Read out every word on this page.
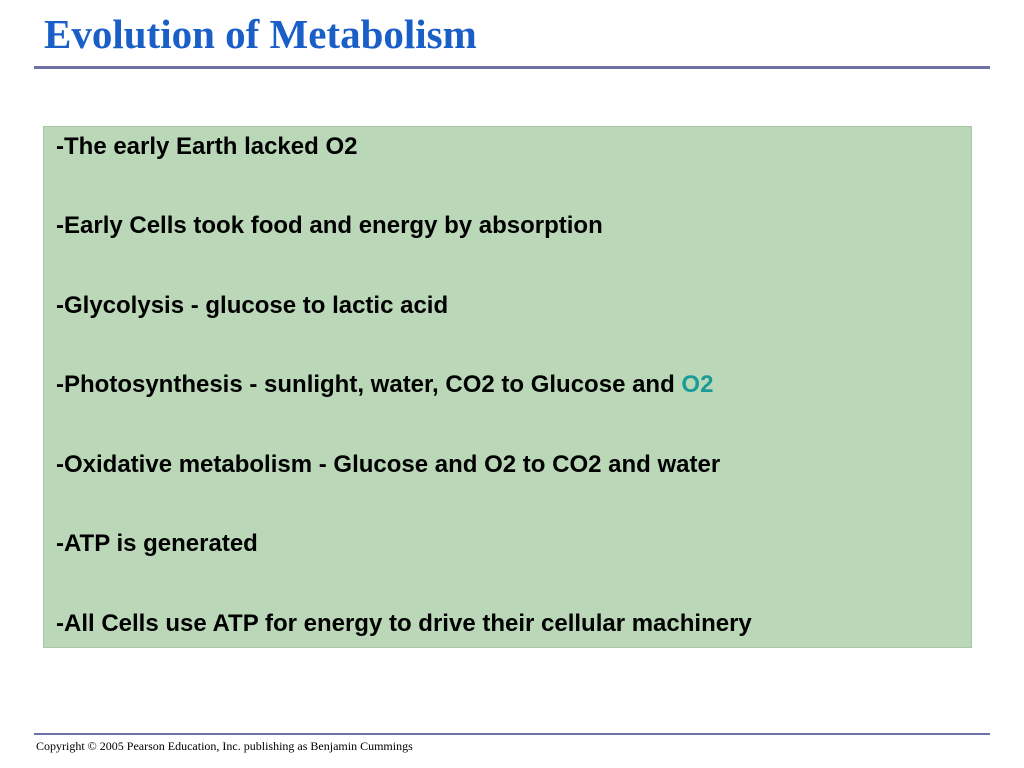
Evolution of Metabolism
-The early Earth lacked O2
-Early Cells took food and energy by absorption
-Glycolysis - glucose to lactic acid
-Photosynthesis - sunlight, water, CO2 to Glucose and O2
-Oxidative metabolism - Glucose and O2 to CO2 and water
-ATP is generated
-All Cells use ATP for energy to drive their cellular machinery
Copyright © 2005 Pearson Education, Inc. publishing as Benjamin Cummings
